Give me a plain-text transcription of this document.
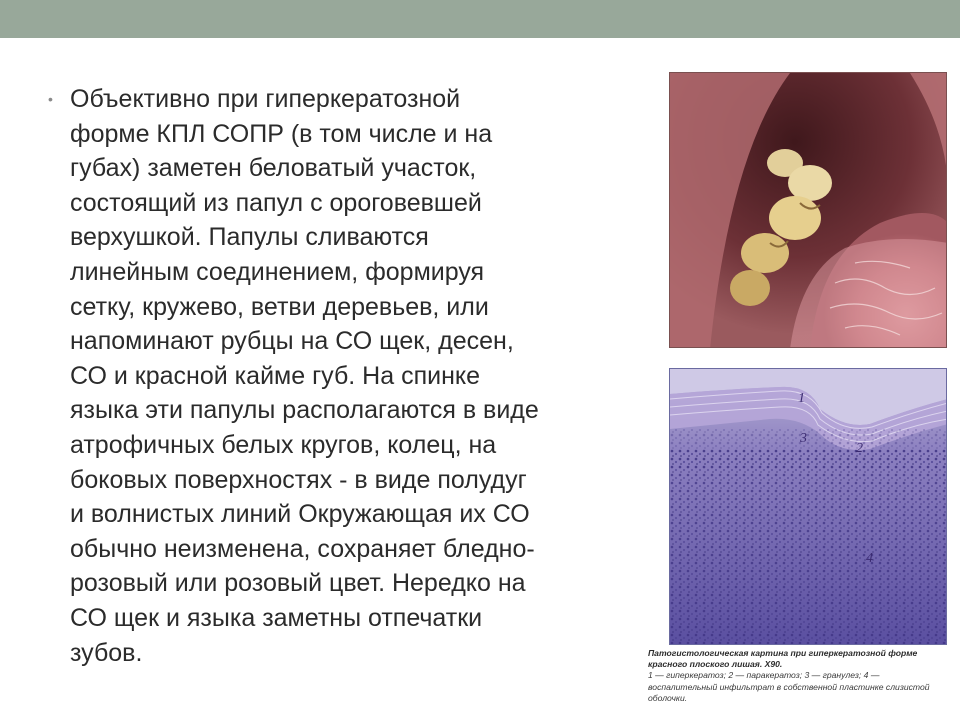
• Объективно при гиперкератозной
форме КПЛ СОПР (в том числе и на
губах) заметен беловатый участок,
состоящий из папул с ороговевшей
верхушкой. Папулы сливаются
линейным соединением, формируя
сетку, кружево, ветви деревьев, или
напоминают рубцы на СО щек, десен,
СО и красной кайме губ. На спинке
языка эти папулы располагаются в виде
атрофичных белых кругов, колец, на
боковых поверхностях - в виде полудуг
и волнистых линий Окружающая их СО
обычно неизменена, сохраняет бледно-
розовый или розовый цвет. Нередко на
СО щек и языка заметны отпечатки
зубов.
1
2
3
4
Патогистологическая картина при гиперкератозной форме красного плоского лишая. Х90.
1 — гиперкератоз; 2 — паракератоз; 3 — гранулез; 4 — воспалительный инфильтрат в собственной пластинке слизистой оболочки.
